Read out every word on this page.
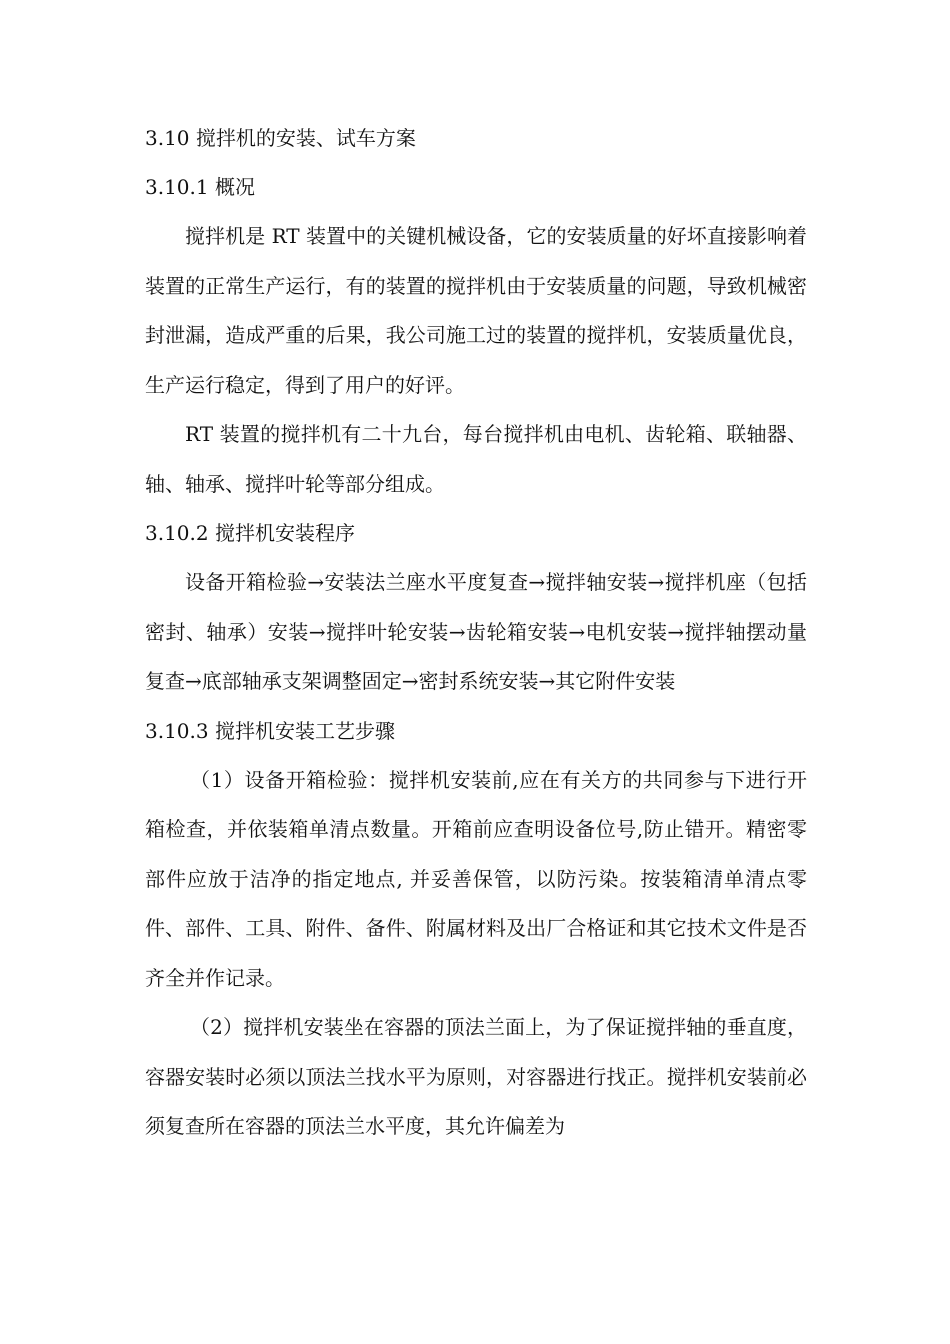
3.10 搅拌机的安装、试车方案
3.10.1 概况

搅拌机是 RT 装置中的关键机械设备，它的安装质量的好坏直接影响着装置的正常生产运行，有的装置的搅拌机由于安装质量的问题，导致机械密封泄漏，造成严重的后果，我公司施工过的装置的搅拌机，安装质量优良，生产运行稳定，得到了用户的好评。

RT 装置的搅拌机有二十九台，每台搅拌机由电机、齿轮箱、联轴器、轴、轴承、搅拌叶轮等部分组成。

3.10.2 搅拌机安装程序

设备开箱检验→安装法兰座水平度复查→搅拌轴安装→搅拌机座（包括密封、轴承）安装→搅拌叶轮安装→齿轮箱安装→电机安装→搅拌轴摆动量复查→底部轴承支架调整固定→密封系统安装→其它附件安装

3.10.3 搅拌机安装工艺步骤

（1）设备开箱检验：搅拌机安装前,应在有关方的共同参与下进行开箱检查，并依装箱单清点数量。开箱前应查明设备位号,防止错开。精密零部件应放于洁净的指定地点, 并妥善保管，以防污染。按装箱清单清点零件、部件、工具、附件、备件、附属材料及出厂合格证和其它技术文件是否齐全并作记录。

（2）搅拌机安装坐在容器的顶法兰面上，为了保证搅拌轴的垂直度，容器安装时必须以顶法兰找水平为原则，对容器进行找正。搅拌机安装前必须复查所在容器的顶法兰水平度，其允许偏差为
